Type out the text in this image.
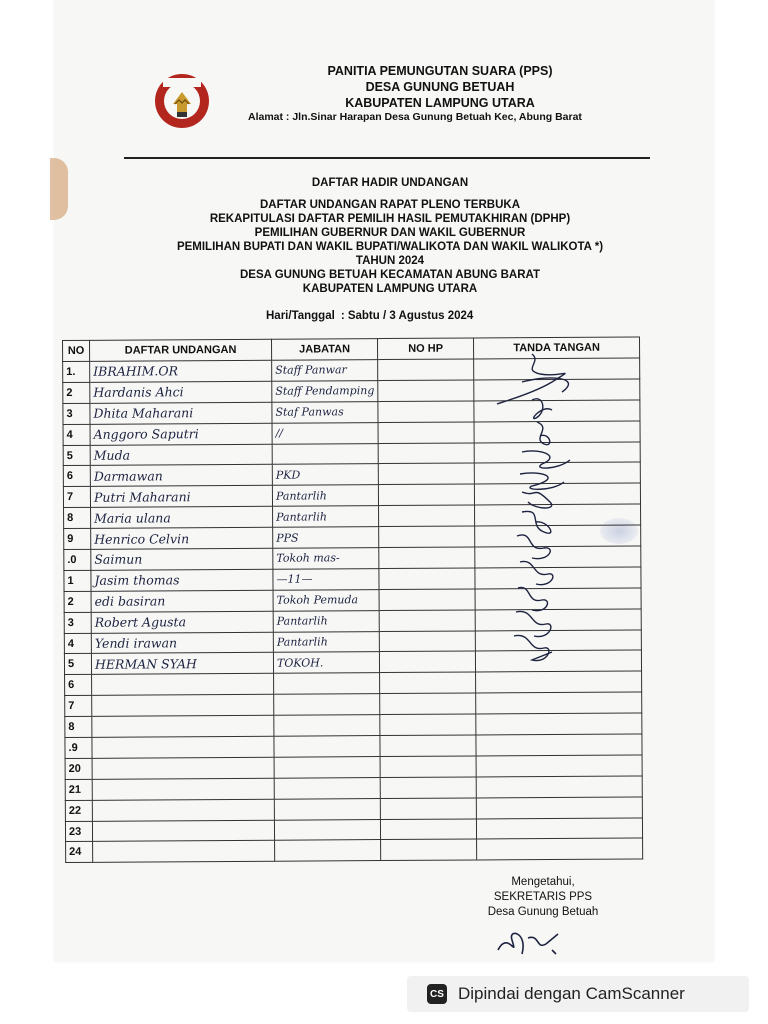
PANITIA PEMUNGUTAN SUARA (PPS)
DESA GUNUNG BETUAH
KABUPATEN LAMPUNG UTARA
Alamat : Jln.Sinar Harapan Desa Gunung Betuah Kec, Abung Barat
DAFTAR HADIR UNDANGAN
DAFTAR UNDANGAN RAPAT PLENO TERBUKA
REKAPITULASI DAFTAR PEMILIH HASIL PEMUTAKHIRAN (DPHP)
PEMILIHAN GUBERNUR DAN WAKIL GUBERNUR
PEMILIHAN BUPATI DAN WAKIL BUPATI/WALIKOTA DAN WAKIL WALIKOTA *)
TAHUN 2024
DESA GUNUNG BETUAH KECAMATAN ABUNG BARAT
KABUPATEN LAMPUNG UTARA
Hari/Tanggal : Sabtu / 3 Agustus 2024
NO	DAFTAR UNDANGAN	JABATAN	NO HP	TANDA TANGAN
1.	IBRAHIM.OR	Staff Panwar		
2	Hardanis Ahci	Staff Pendamping		
3	Dhita Maharani	Staf Panwas		
4	Anggoro Saputri	//		
5	Muda			
6	Darmawan	PKD		
7	Putri Maharani	Pantarlih		
8	Maria ulana	Pantarlih		
9	Henrico Celvin	PPS		
.0	Saimun	Tokoh mas-		
1	Jasim thomas	—11—		
2	edi basiran	Tokoh Pemuda		
3	Robert Agusta	Pantarlih		
4	Yendi irawan	Pantarlih		
5	HERMAN SYAH	TOKOH.		
6				
7				
8				
.9				
20				
21				
22				
23				
24				
Mengetahui,
SEKRETARIS PPS
Desa Gunung Betuah
CS Dipindai dengan CamScanner
